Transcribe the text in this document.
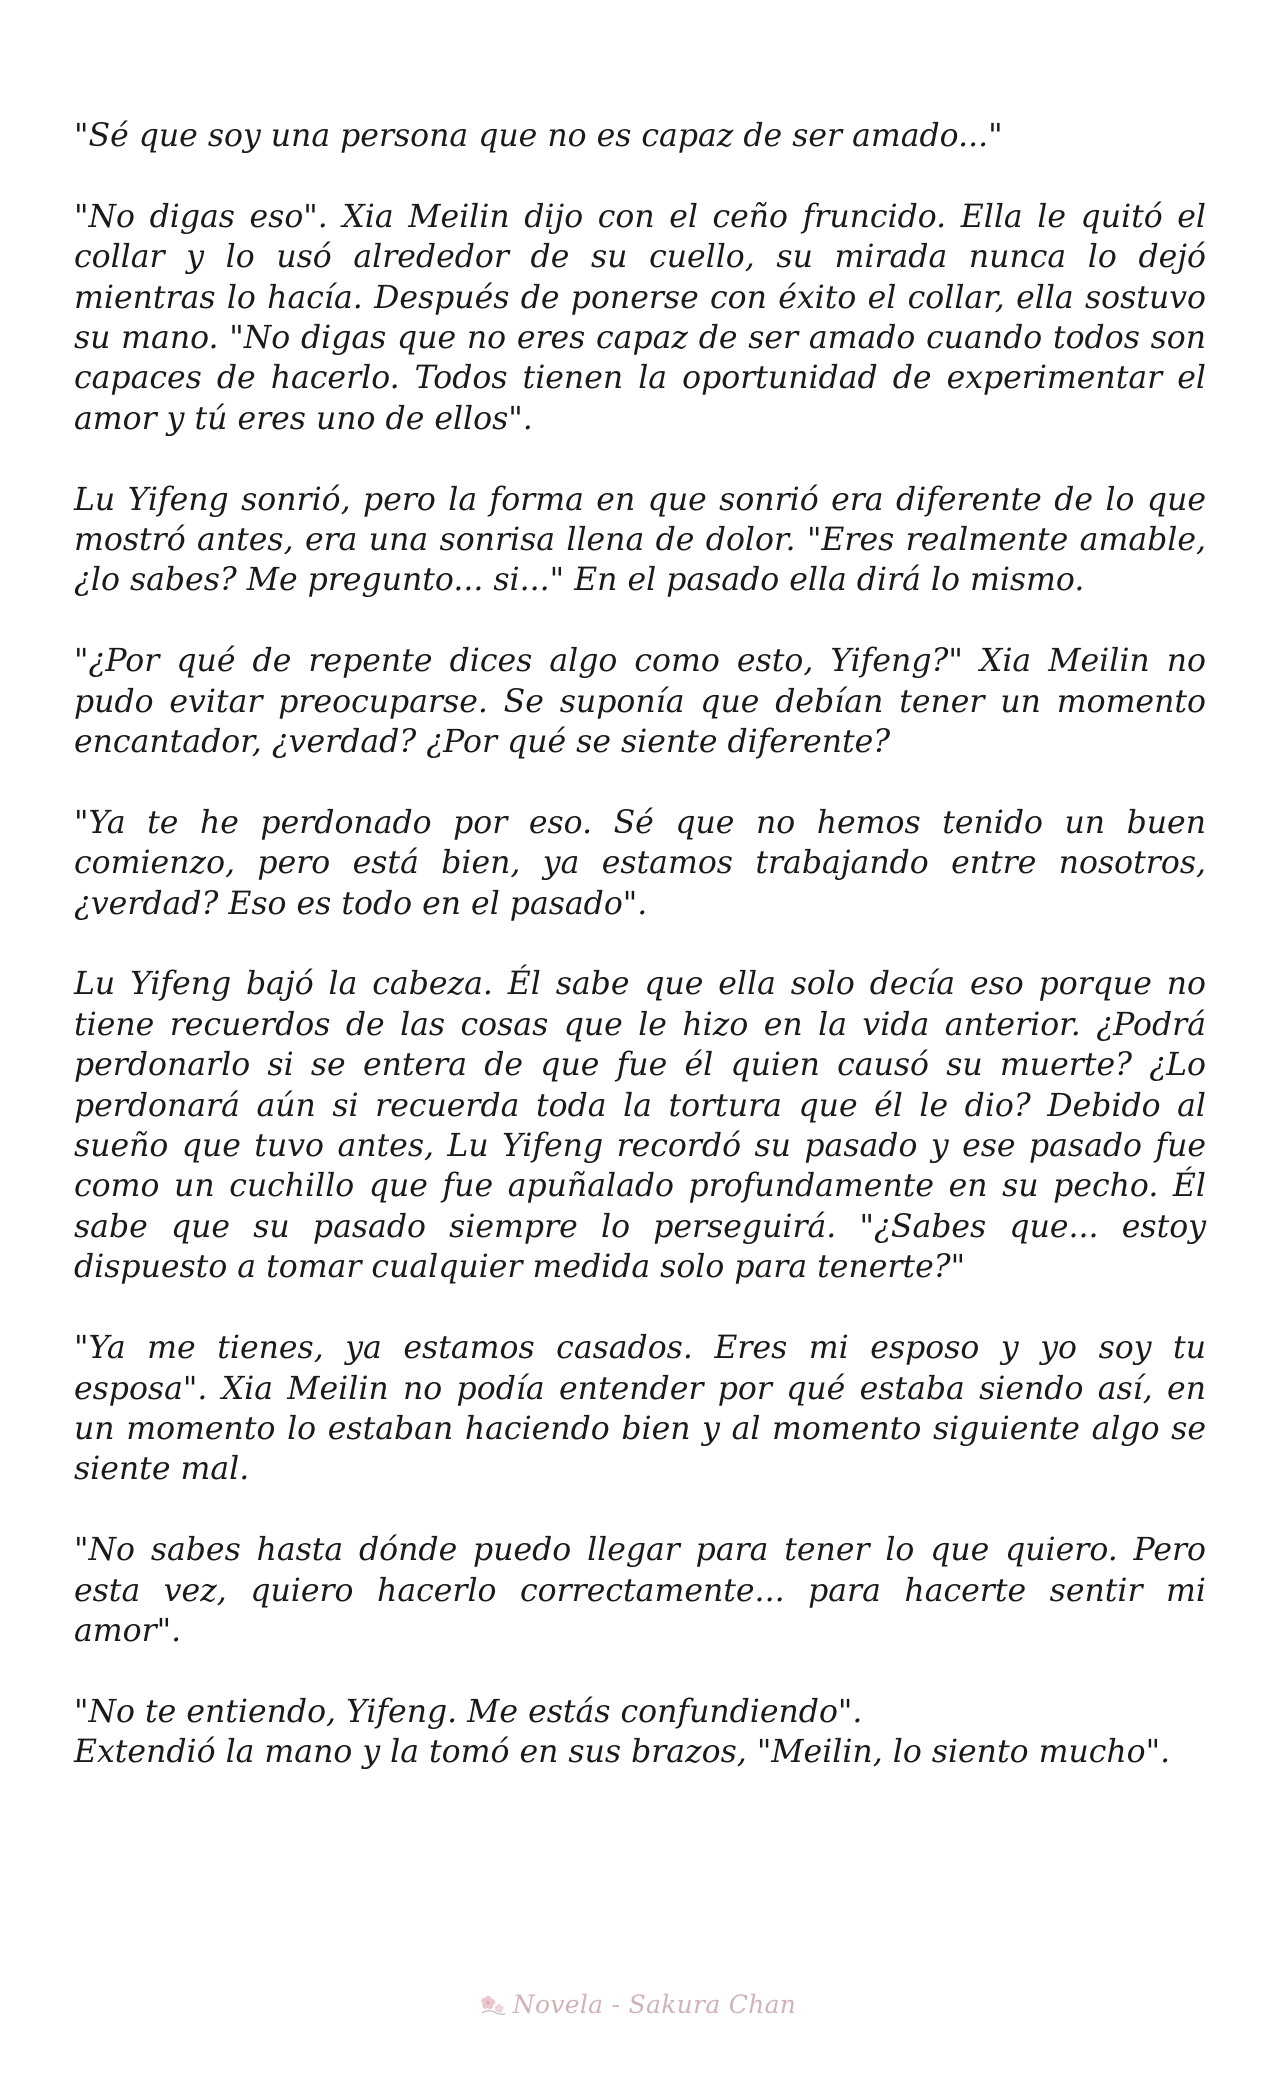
"Sé que soy una persona que no es capaz de ser amado..."

"No digas eso". Xia Meilin dijo con el ceño fruncido. Ella le quitó el collar y lo usó alrededor de su cuello, su mirada nunca lo dejó mientras lo hacía. Después de ponerse con éxito el collar, ella sostuvo su mano. "No digas que no eres capaz de ser amado cuando todos son capaces de hacerlo. Todos tienen la oportunidad de experimentar el amor y tú eres uno de ellos".

Lu Yifeng sonrió, pero la forma en que sonrió era diferente de lo que mostró antes, era una sonrisa llena de dolor. "Eres realmente amable, ¿lo sabes? Me pregunto... si..." En el pasado ella dirá lo mismo.

"¿Por qué de repente dices algo como esto, Yifeng?" Xia Meilin no pudo evitar preocuparse. Se suponía que debían tener un momento encantador, ¿verdad? ¿Por qué se siente diferente?

"Ya te he perdonado por eso. Sé que no hemos tenido un buen comienzo, pero está bien, ya estamos trabajando entre nosotros, ¿verdad? Eso es todo en el pasado".

Lu Yifeng bajó la cabeza. Él sabe que ella solo decía eso porque no tiene recuerdos de las cosas que le hizo en la vida anterior. ¿Podrá perdonarlo si se entera de que fue él quien causó su muerte? ¿Lo perdonará aún si recuerda toda la tortura que él le dio? Debido al sueño que tuvo antes, Lu Yifeng recordó su pasado y ese pasado fue como un cuchillo que fue apuñalado profundamente en su pecho. Él sabe que su pasado siempre lo perseguirá. "¿Sabes que... estoy dispuesto a tomar cualquier medida solo para tenerte?"

"Ya me tienes, ya estamos casados. Eres mi esposo y yo soy tu esposa". Xia Meilin no podía entender por qué estaba siendo así, en un momento lo estaban haciendo bien y al momento siguiente algo se siente mal.

"No sabes hasta dónde puedo llegar para tener lo que quiero. Pero esta vez, quiero hacerlo correctamente... para hacerte sentir mi amor".

"No te entiendo, Yifeng. Me estás confundiendo".
Extendió la mano y la tomó en sus brazos, "Meilin, lo siento mucho".
Novela - Sakura Chan
